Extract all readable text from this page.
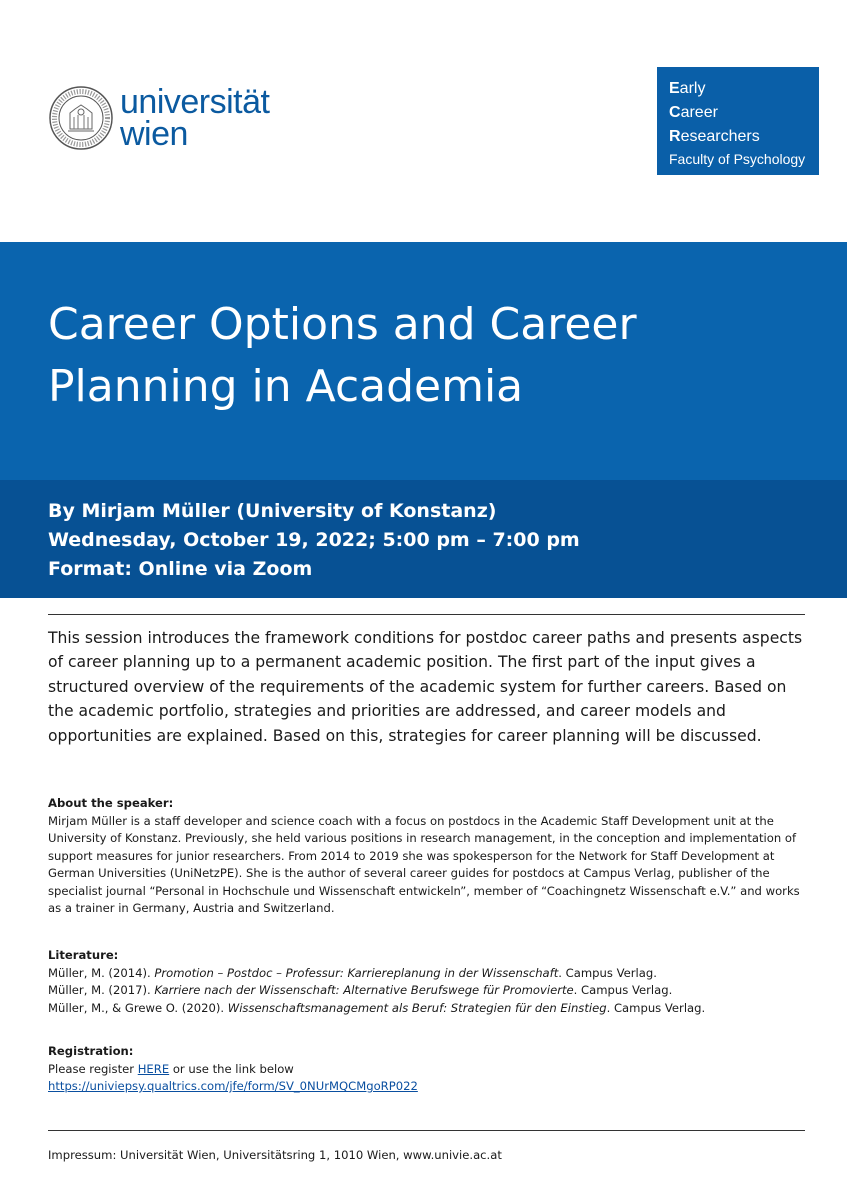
universität
wien
Early
Career
Researchers
Faculty of Psychology
Career Options and Career
Planning in Academia
By Mirjam Müller (University of Konstanz)
Wednesday, October 19, 2022; 5:00 pm – 7:00 pm
Format: Online via Zoom
This session introduces the framework conditions for postdoc career paths and presents aspects of career planning up to a permanent academic position. The first part of the input gives a structured overview of the requirements of the academic system for further careers. Based on the academic portfolio, strategies and priorities are addressed, and career models and opportunities are explained. Based on this, strategies for career planning will be discussed.
About the speaker:
Mirjam Müller is a staff developer and science coach with a focus on postdocs in the Academic Staff Development unit at the University of Konstanz. Previously, she held various positions in research management, in the conception and implementation of support measures for junior researchers. From 2014 to 2019 she was spokesperson for the Network for Staff Development at German Universities (UniNetzPE). She is the author of several career guides for postdocs at Campus Verlag, publisher of the specialist journal “Personal in Hochschule und Wissenschaft entwickeln”, member of “Coachingnetz Wissenschaft e.V.” and works as a trainer in Germany, Austria and Switzerland.
Literature:
Müller, M. (2014). Promotion – Postdoc – Professur: Karriereplanung in der Wissenschaft. Campus Verlag.
Müller, M. (2017). Karriere nach der Wissenschaft: Alternative Berufswege für Promovierte. Campus Verlag.
Müller, M., & Grewe O. (2020). Wissenschaftsmanagement als Beruf: Strategien für den Einstieg. Campus Verlag.
Registration:
Please register HERE or use the link below
https://univiepsy.qualtrics.com/jfe/form/SV_0NUrMQCMgoRP022
Impressum: Universität Wien, Universitätsring 1, 1010 Wien, www.univie.ac.at
